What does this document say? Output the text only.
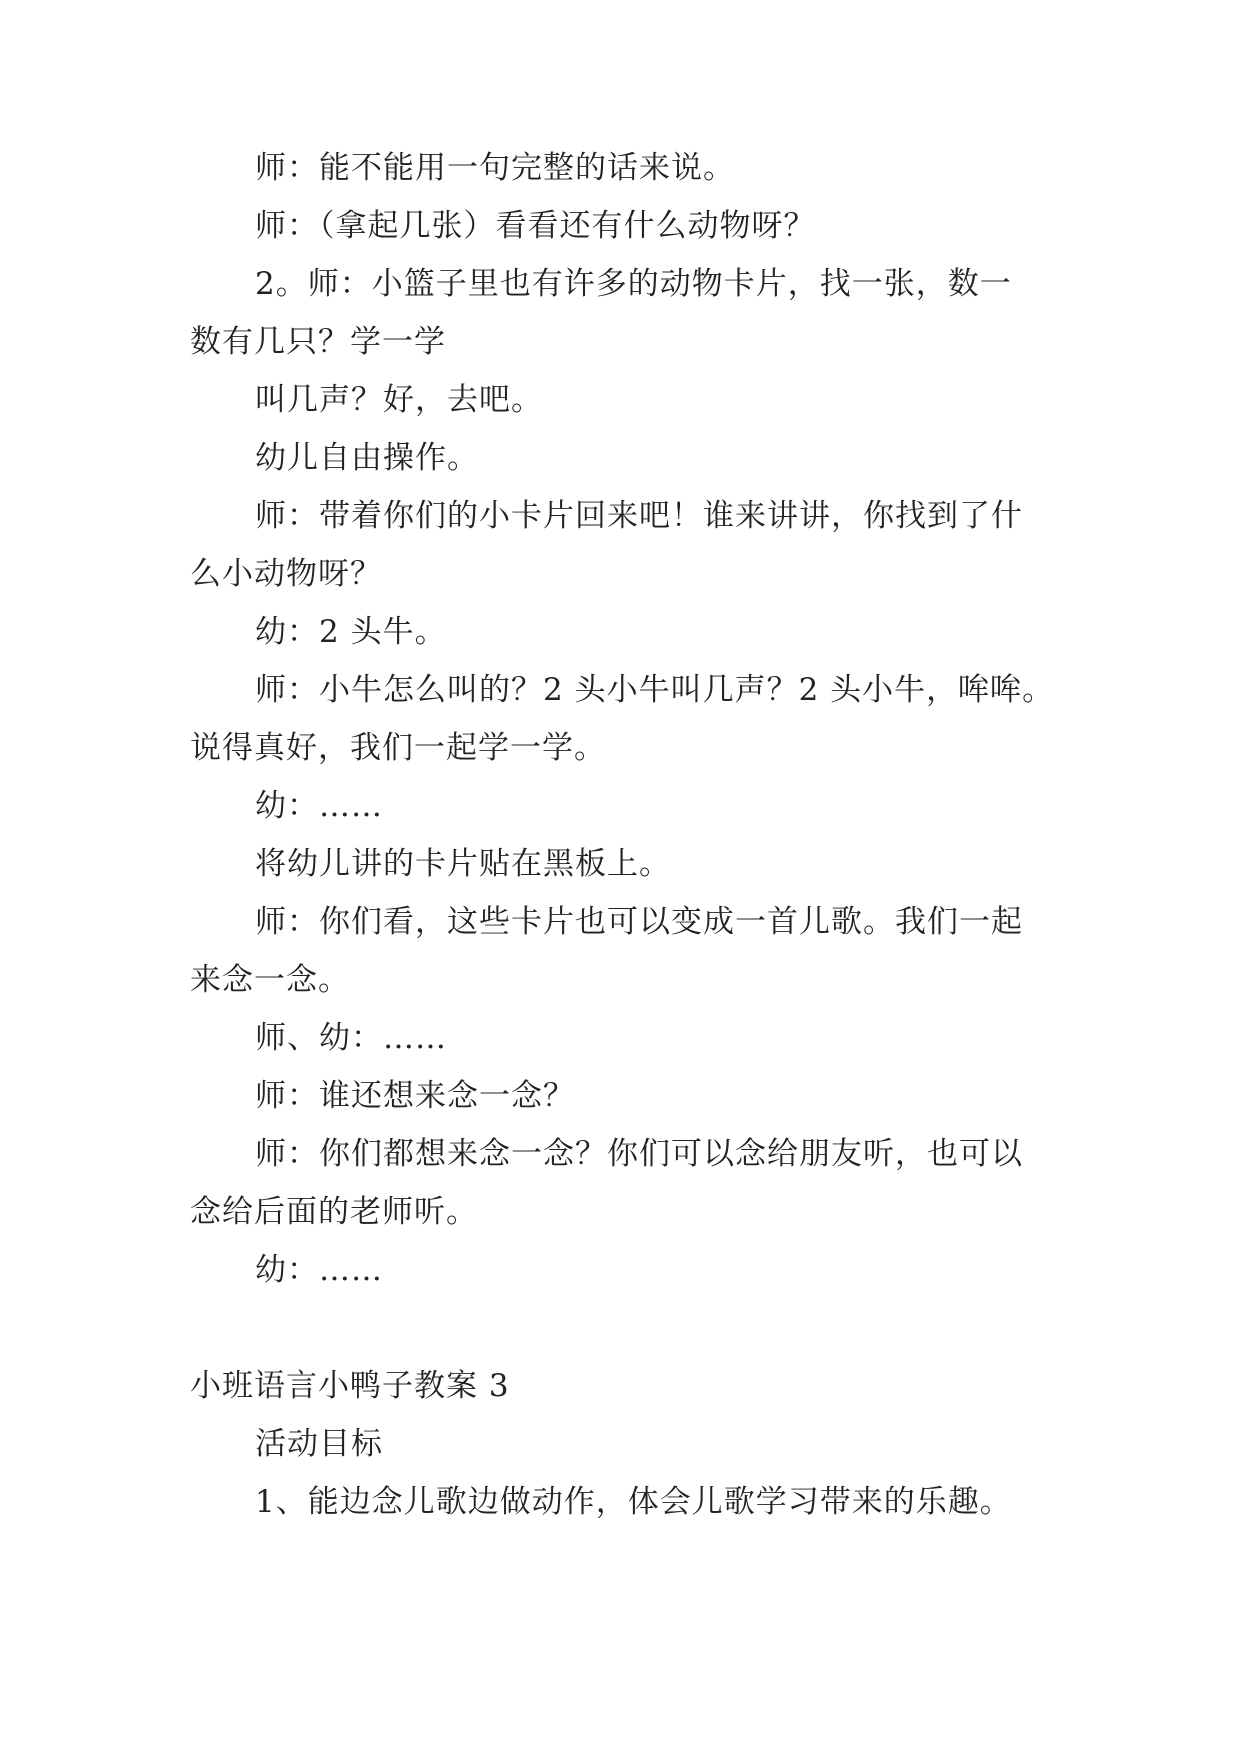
师：能不能用一句完整的话来说。
师：（拿起几张）看看还有什么动物呀？
2。师：小篮子里也有许多的动物卡片，找一张，数一
数有几只？学一学
叫几声？好，去吧。
幼儿自由操作。
师：带着你们的小卡片回来吧！谁来讲讲，你找到了什
么小动物呀？
幼：2 头牛。
师：小牛怎么叫的？2 头小牛叫几声？2 头小牛，哞哞。
说得真好，我们一起学一学。
幼：……
将幼儿讲的卡片贴在黑板上。
师：你们看，这些卡片也可以变成一首儿歌。我们一起
来念一念。
师、幼：……
师：谁还想来念一念？
师：你们都想来念一念？你们可以念给朋友听，也可以
念给后面的老师听。
幼：……
小班语言小鸭子教案 3
活动目标
1、能边念儿歌边做动作，体会儿歌学习带来的乐趣。
